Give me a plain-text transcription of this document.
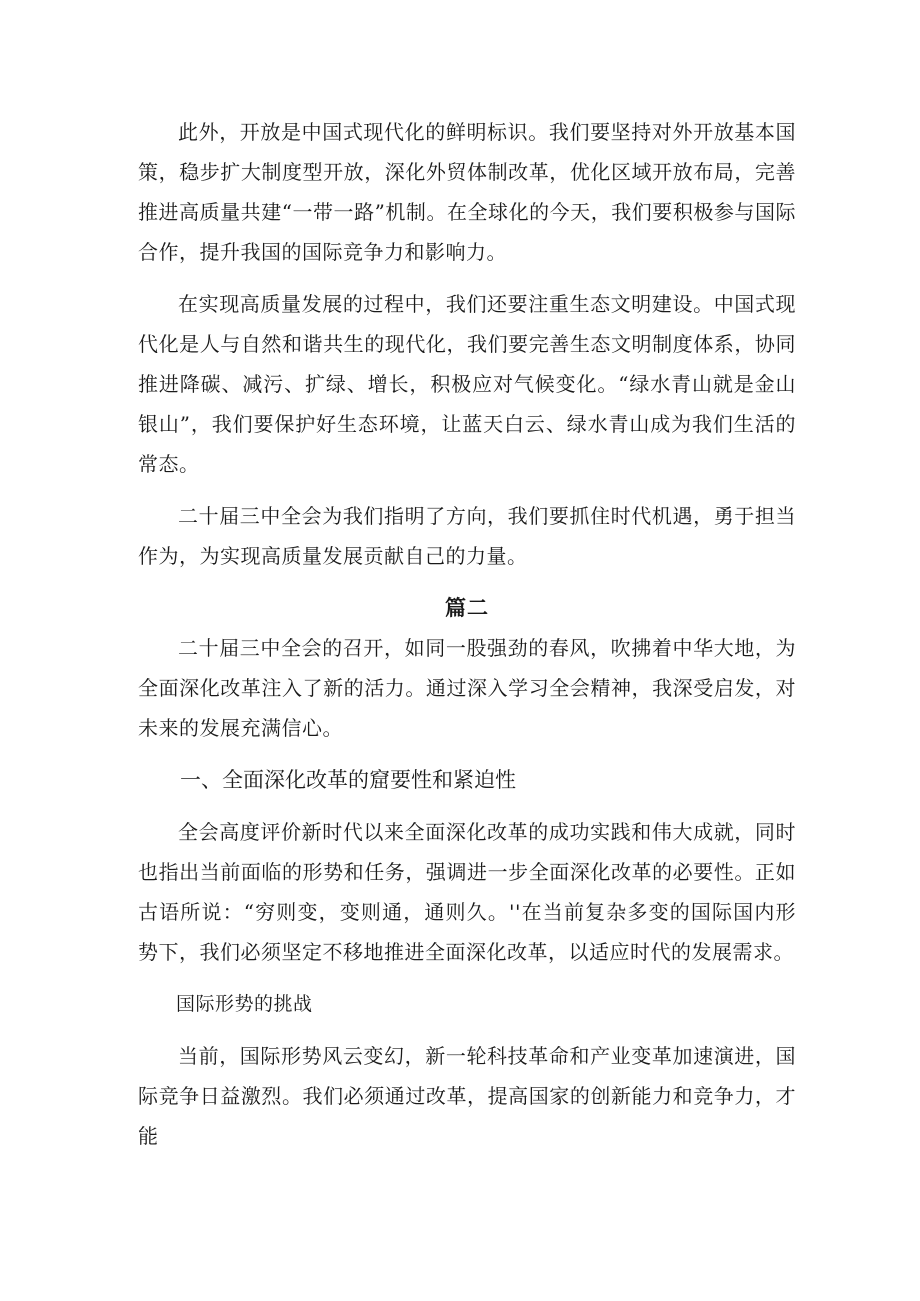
此外，开放是中国式现代化的鲜明标识。我们要坚持对外开放基本国策，稳步扩大制度型开放，深化外贸体制改革，优化区域开放布局，完善推进高质量共建“一带一路”机制。在全球化的今天，我们要积极参与国际合作，提升我国的国际竞争力和影响力。

在实现高质量发展的过程中，我们还要注重生态文明建设。中国式现代化是人与自然和谐共生的现代化，我们要完善生态文明制度体系，协同推进降碳、减污、扩绿、增长，积极应对气候变化。“绿水青山就是金山银山”，我们要保护好生态环境，让蓝天白云、绿水青山成为我们生活的常态。

二十届三中全会为我们指明了方向，我们要抓住时代机遇，勇于担当作为，为实现高质量发展贡献自己的力量。

篇二

二十届三中全会的召开，如同一股强劲的春风，吹拂着中华大地，为全面深化改革注入了新的活力。通过深入学习全会精神，我深受启发，对未来的发展充满信心。

一、全面深化改革的窟要性和紧迫性

全会高度评价新时代以来全面深化改革的成功实践和伟大成就，同时也指出当前面临的形势和任务，强调进一步全面深化改革的必要性。正如古语所说：“穷则变，变则通，通则久。''在当前复杂多变的国际国内形势下，我们必须坚定不移地推进全面深化改革，以适应时代的发展需求。

国际形势的挑战

当前，国际形势风云变幻，新一轮科技革命和产业变革加速演进，国际竞争日益激烈。我们必须通过改革，提高国家的创新能力和竞争力，才能
